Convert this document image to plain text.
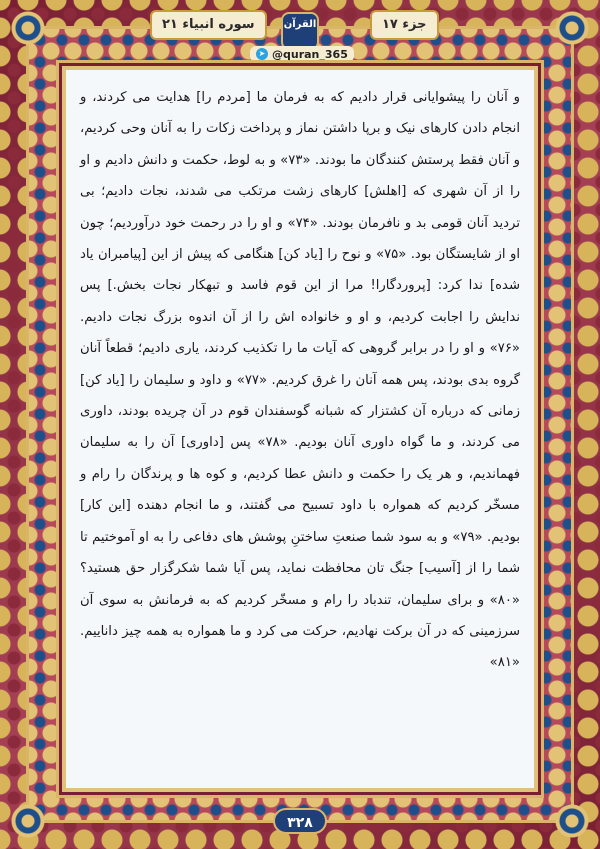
سوره انبیاء ۲۱	القرآن	جزء ۱۷
➤ @quran_365

و آنان را پیشوایانی قرار دادیم که به فرمان ما [مردم را] هدایت می کردند، و انجام دادن کارهای نیک و برپا داشتن نماز و پرداخت زکات را به آنان وحی کردیم، و آنان فقط پرستش کنندگان ما بودند. «۷۳» و به لوط، حکمت و دانش دادیم و او را از آن شهری که [اهلش] کارهای زشت مرتکب می شدند، نجات دادیم؛ بی تردید آنان قومی بد و نافرمان بودند. «۷۴» و او را در رحمت خود درآوردیم؛ چون او از شایستگان بود. «۷۵» و نوح را [یاد کن] هنگامی که پیش از این [پیامبران یاد شده] ندا کرد: [پروردگارا! مرا از این قوم فاسد و تبهکار نجات بخش.] پس ندایش را اجابت کردیم، و او و خانواده اش را از آن اندوه بزرگ نجات دادیم. «۷۶» و او را در برابر گروهی که آیات ما را تکذیب کردند، یاری دادیم؛ قطعاً آنان گروه بدی بودند، پس همه آنان را غرق کردیم. «۷۷» و داود و سلیمان را [یاد کن] زمانی که درباره آن کشتزار که شبانه گوسفندان قوم در آن چریده بودند، داوری می کردند، و ما گواه داوری آنان بودیم. «۷۸» پس [داوری] آن را به سلیمان فهماندیم، و هر یک را حکمت و دانش عطا کردیم، و کوه ها و پرندگان را رام و مسخّر کردیم که همواره با داود تسبیح می گفتند، و ما انجام دهنده [این کار] بودیم. «۷۹» و به سود شما صنعتِ ساختنِ پوشش های دفاعی را به او آموختیم تا شما را از [آسیب] جنگ تان محافظت نماید، پس آیا شما شکرگزار حق هستید؟ «۸۰» و برای سلیمان، تندباد را رام و مسخّر کردیم که به فرمانش به سوی آن سرزمینی که در آن برکت نهادیم، حرکت می کرد و ما همواره به همه چیز داناییم. «۸۱»

۳۲۸
